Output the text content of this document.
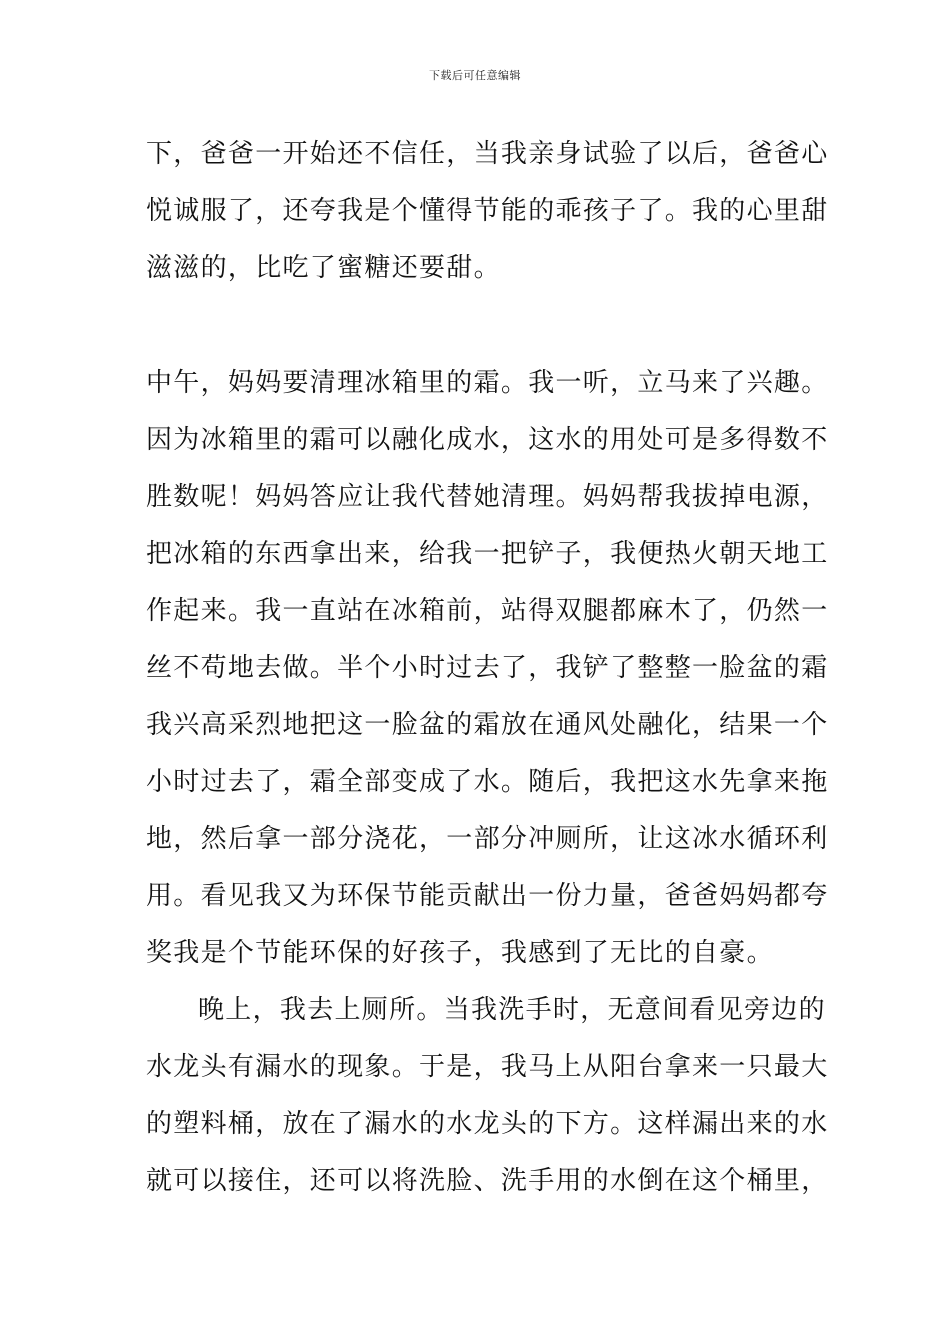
下载后可任意编辑
下，爸爸一开始还不信任，当我亲身试验了以后，爸爸心
悦诚服了，还夸我是个懂得节能的乖孩子了。我的心里甜
滋滋的，比吃了蜜糖还要甜。
中午，妈妈要清理冰箱里的霜。我一听，立马来了兴趣。
因为冰箱里的霜可以融化成水，这水的用处可是多得数不
胜数呢！妈妈答应让我代替她清理。妈妈帮我拔掉电源，
把冰箱的东西拿出来，给我一把铲子，我便热火朝天地工
作起来。我一直站在冰箱前，站得双腿都麻木了，仍然一
丝不苟地去做。半个小时过去了，我铲了整整一脸盆的霜
我兴高采烈地把这一脸盆的霜放在通风处融化，结果一个
小时过去了，霜全部变成了水。随后，我把这水先拿来拖
地，然后拿一部分浇花，一部分冲厕所，让这冰水循环利
用。看见我又为环保节能贡献出一份力量，爸爸妈妈都夸
奖我是个节能环保的好孩子，我感到了无比的自豪。
晚上，我去上厕所。当我洗手时，无意间看见旁边的
水龙头有漏水的现象。于是，我马上从阳台拿来一只最大
的塑料桶，放在了漏水的水龙头的下方。这样漏出来的水
就可以接住，还可以将洗脸、洗手用的水倒在这个桶里，
